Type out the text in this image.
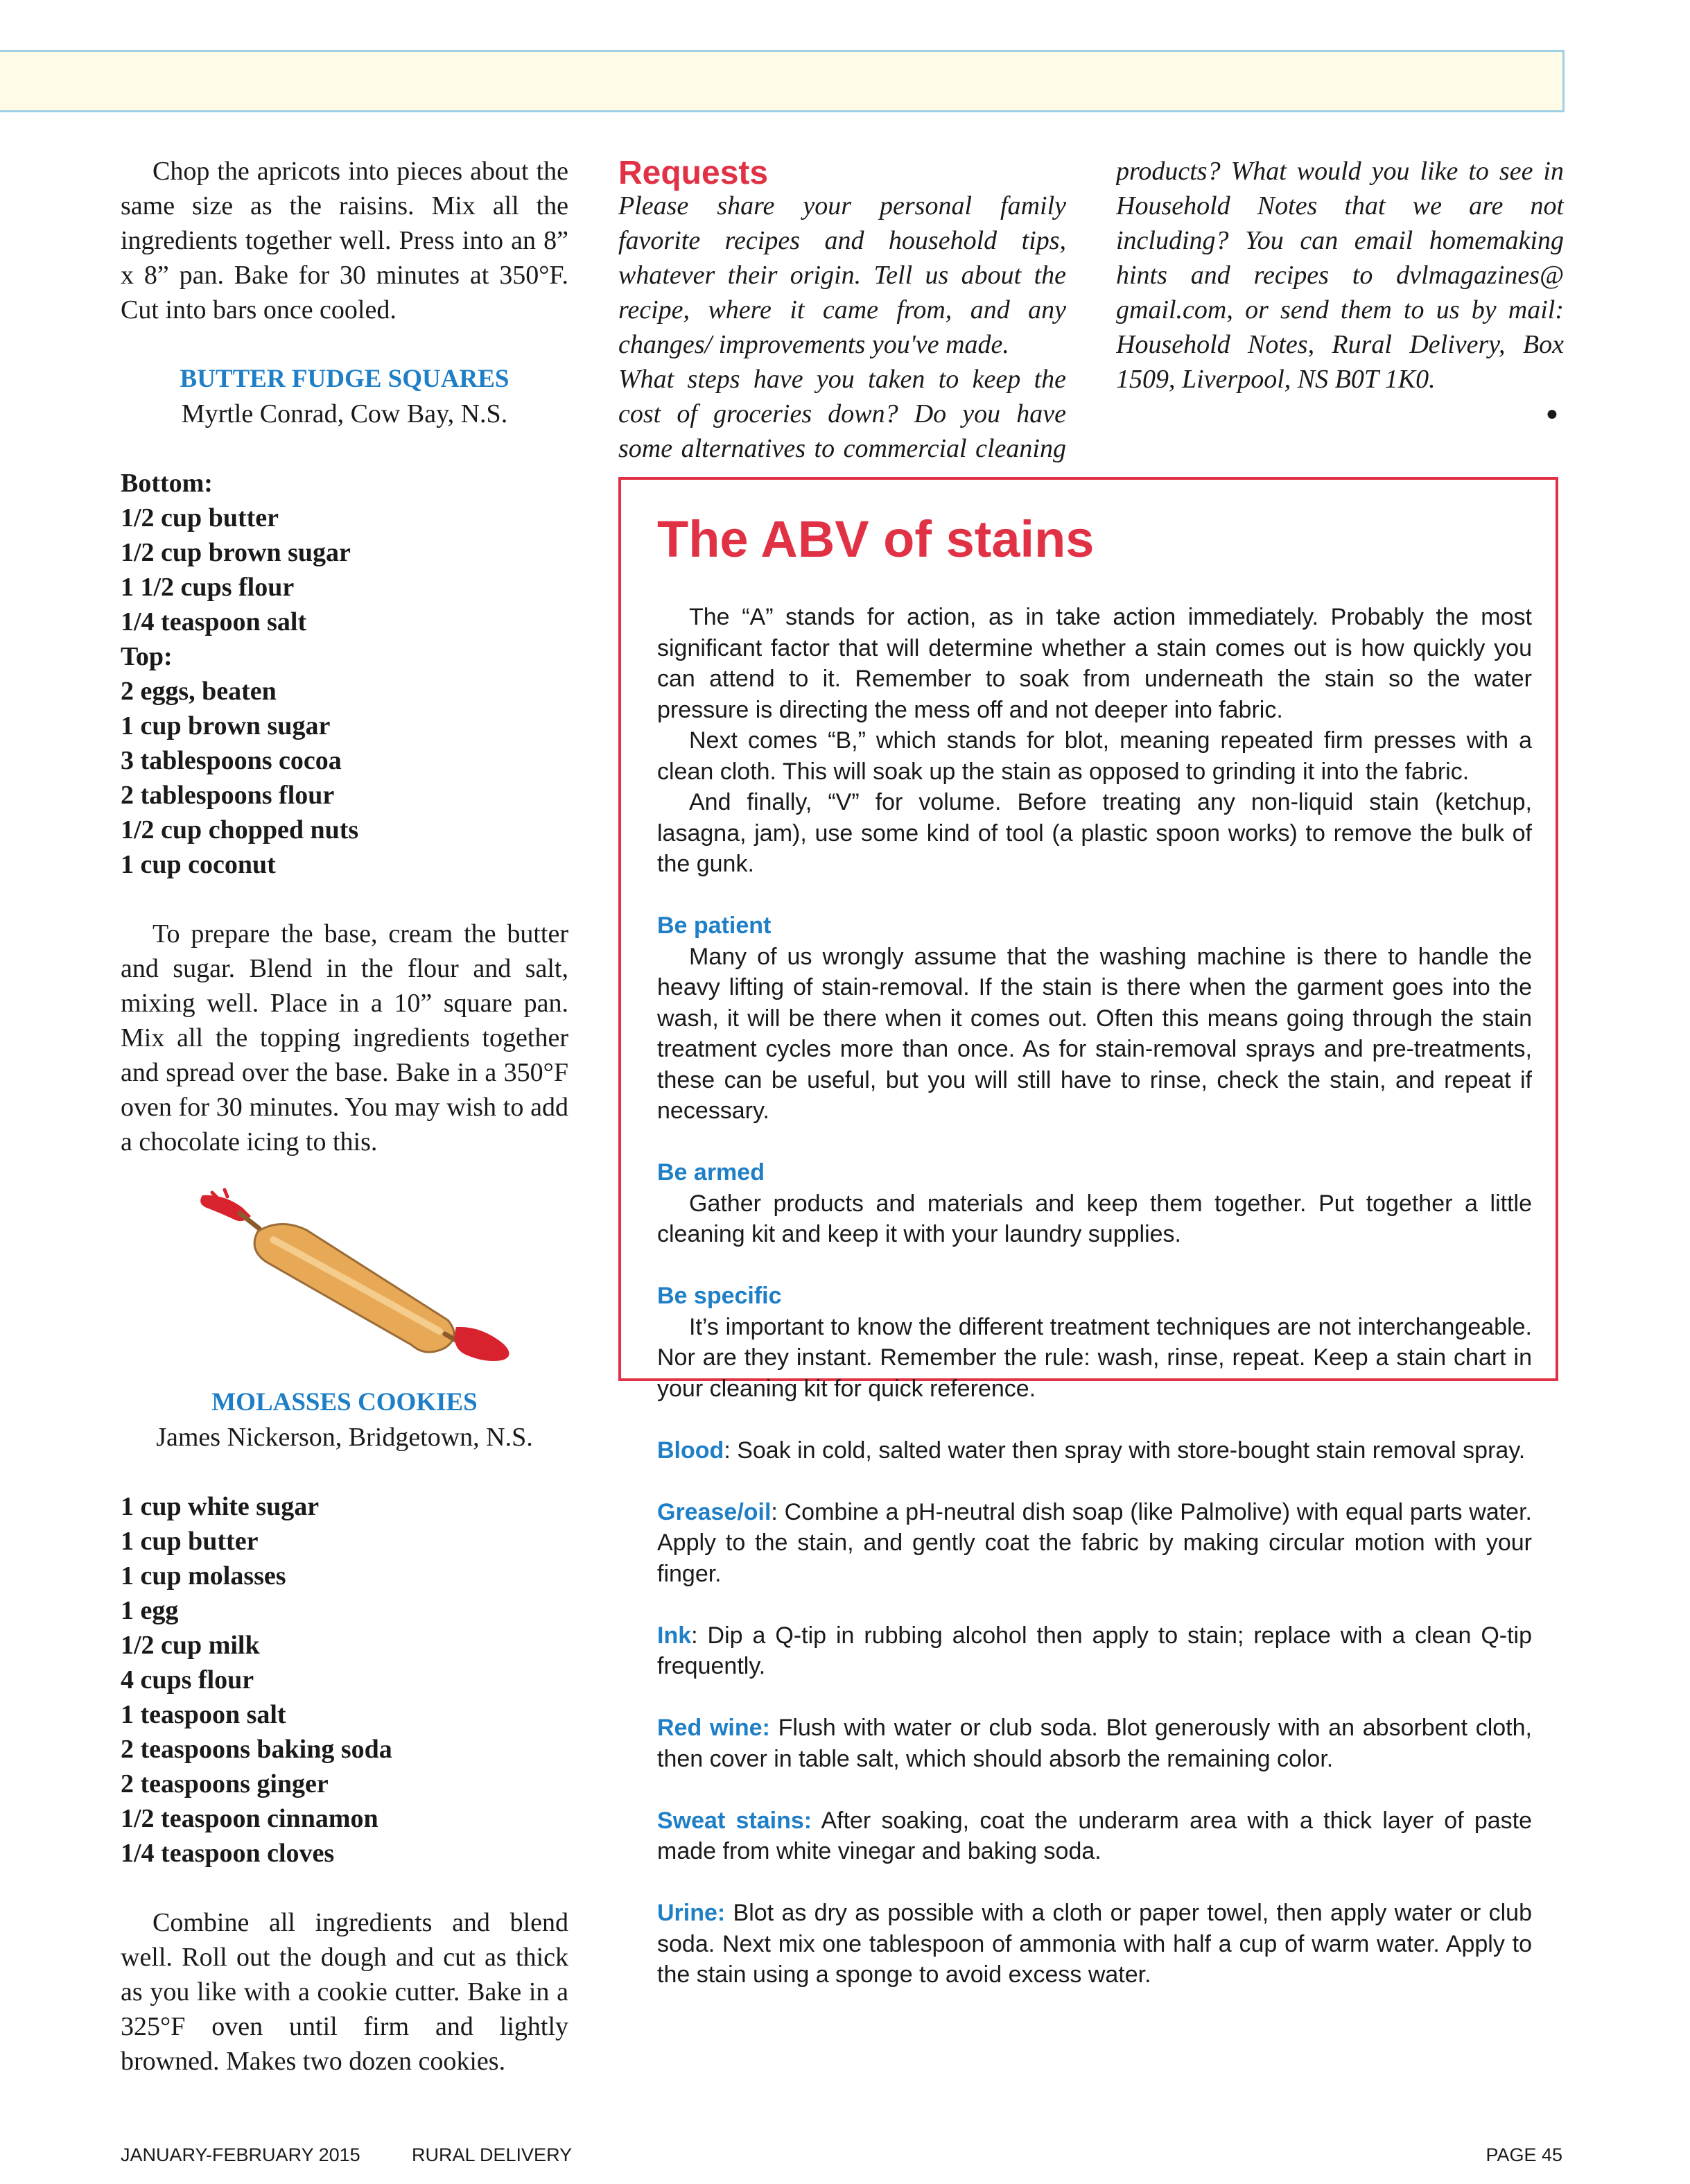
Chop the apricots into pieces about the same size as the raisins. Mix all the ingredients together well. Press into an 8” x 8” pan. Bake for 30 minutes at 350°F. Cut into bars once cooled.

BUTTER FUDGE SQUARES
Myrtle Conrad, Cow Bay, N.S.
Bottom:
1/2 cup butter
1/2 cup brown sugar
1 1/2 cups flour
1/4 teaspoon salt
Top:
2 eggs, beaten
1 cup brown sugar
3 tablespoons cocoa
2 tablespoons flour
1/2 cup chopped nuts
1 cup coconut

To prepare the base, cream the butter and sugar. Blend in the flour and salt, mixing well. Place in a 10” square pan. Mix all the topping ingredients together and spread over the base. Bake in a 350°F oven for 30 minutes. You may wish to add a chocolate icing to this.

MOLASSES COOKIES
James Nickerson, Bridgetown, N.S.
1 cup white sugar
1 cup butter
1 cup molasses
1 egg
1/2 cup milk
4 cups flour
1 teaspoon salt
2 teaspoons baking soda
2 teaspoons ginger
1/2 teaspoon cinnamon
1/4 teaspoon cloves

Combine all ingredients and blend well. Roll out the dough and cut as thick as you like with a cookie cutter. Bake in a 325°F oven until firm and lightly browned. Makes two dozen cookies.

Requests

Please share your personal family favorite recipes and household tips, whatever their origin. Tell us about the recipe, where it came from, and any changes/ improvements you've made.

What steps have you taken to keep the cost of groceries down? Do you have some alternatives to commercial cleaning

products? What would you like to see in Household Notes that we are not including? You can email homemaking hints and recipes to dvlmagazines@ gmail.com, or send them to us by mail: Household Notes, Rural Delivery, Box 1509, Liverpool, NS B0T 1K0.

●
The ABV of stains

The “A” stands for action, as in take action immediately. Probably the most significant factor that will determine whether a stain comes out is how quickly you can attend to it. Remember to soak from underneath the stain so the water pressure is directing the mess off and not deeper into fabric.

Next comes “B,” which stands for blot, meaning repeated firm presses with a clean cloth. This will soak up the stain as opposed to grinding it into the fabric.

And finally, “V” for volume. Before treating any non-liquid stain (ketchup, lasagna, jam), use some kind of tool (a plastic spoon works) to remove the bulk of the gunk.

Be patient

Many of us wrongly assume that the washing machine is there to handle the heavy lifting of stain-removal. If the stain is there when the garment goes into the wash, it will be there when it comes out. Often this means going through the stain treatment cycles more than once. As for stain-removal sprays and pre-treatments, these can be useful, but you will still have to rinse, check the stain, and repeat if necessary.

Be armed

Gather products and materials and keep them together. Put together a little cleaning kit and keep it with your laundry supplies.

Be specific

It’s important to know the different treatment techniques are not interchangeable. Nor are they instant. Remember the rule: wash, rinse, repeat. Keep a stain chart in your cleaning kit for quick reference.

Blood: Soak in cold, salted water then spray with store-bought stain removal spray.

Grease/oil: Combine a pH-neutral dish soap (like Palmolive) with equal parts water. Apply to the stain, and gently coat the fabric by making circular motion with your finger.

Ink: Dip a Q-tip in rubbing alcohol then apply to stain; replace with a clean Q-tip frequently.

Red wine: Flush with water or club soda. Blot generously with an absorbent cloth, then cover in table salt, which should absorb the remaining color.

Sweat stains: After soaking, coat the underarm area with a thick layer of paste made from white vinegar and baking soda.

Urine: Blot as dry as possible with a cloth or paper towel, then apply water or club soda. Next mix one tablespoon of ammonia with half a cup of warm water. Apply to the stain using a sponge to avoid excess water.

JANUARY-FEBRUARY 2015	RURAL DELIVERY	PAGE 45
